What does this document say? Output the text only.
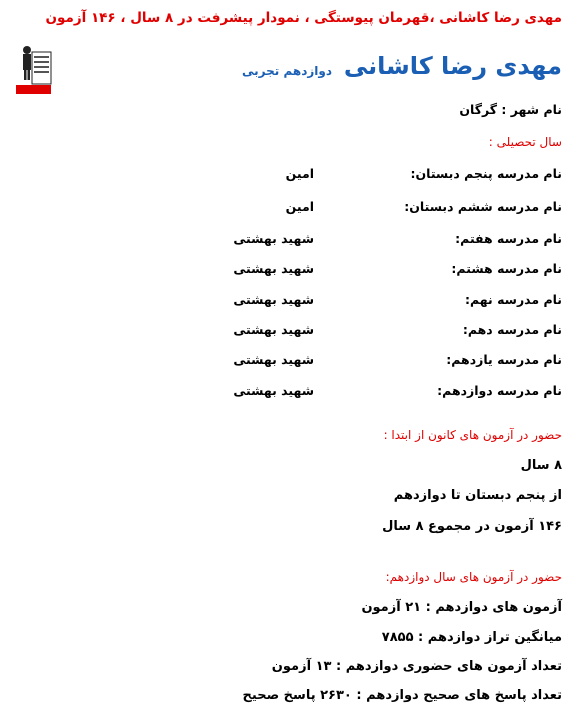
مهدی رضا کاشانی ،قهرمان پیوستگی ، نمودار پیشرفت در ۸ سال ، ۱۴۶ آزمون
مهدی رضا کاشانی
دوازدهم تجربی
نام شهر : گرگان
سال تحصیلی :
نام مدرسه پنجم دبستان:
امین
نام مدرسه ششم دبستان:
امین
نام مدرسه هفتم:
شهید بهشتی
نام مدرسه هشتم:
شهید بهشتی
نام مدرسه نهم:
شهید بهشتی
نام مدرسه دهم:
شهید بهشتی
نام مدرسه یازدهم:
شهید بهشتی
نام مدرسه دوازدهم:
شهید بهشتی
حضور در آزمون های کانون از ابتدا :
۸ سال
از پنجم دبستان تا دوازدهم
۱۴۶ آزمون در مجموع ۸ سال
حضور در آزمون های سال دوازدهم:
آزمون های دوازدهم : ۲۱ آزمون
میانگین تراز دوازدهم : ۷۸۵۵
تعداد آزمون های حضوری دوازدهم : ۱۳ آزمون
تعداد پاسخ های صحیح دوازدهم : ۲۶۳۰ پاسخ صحیح
